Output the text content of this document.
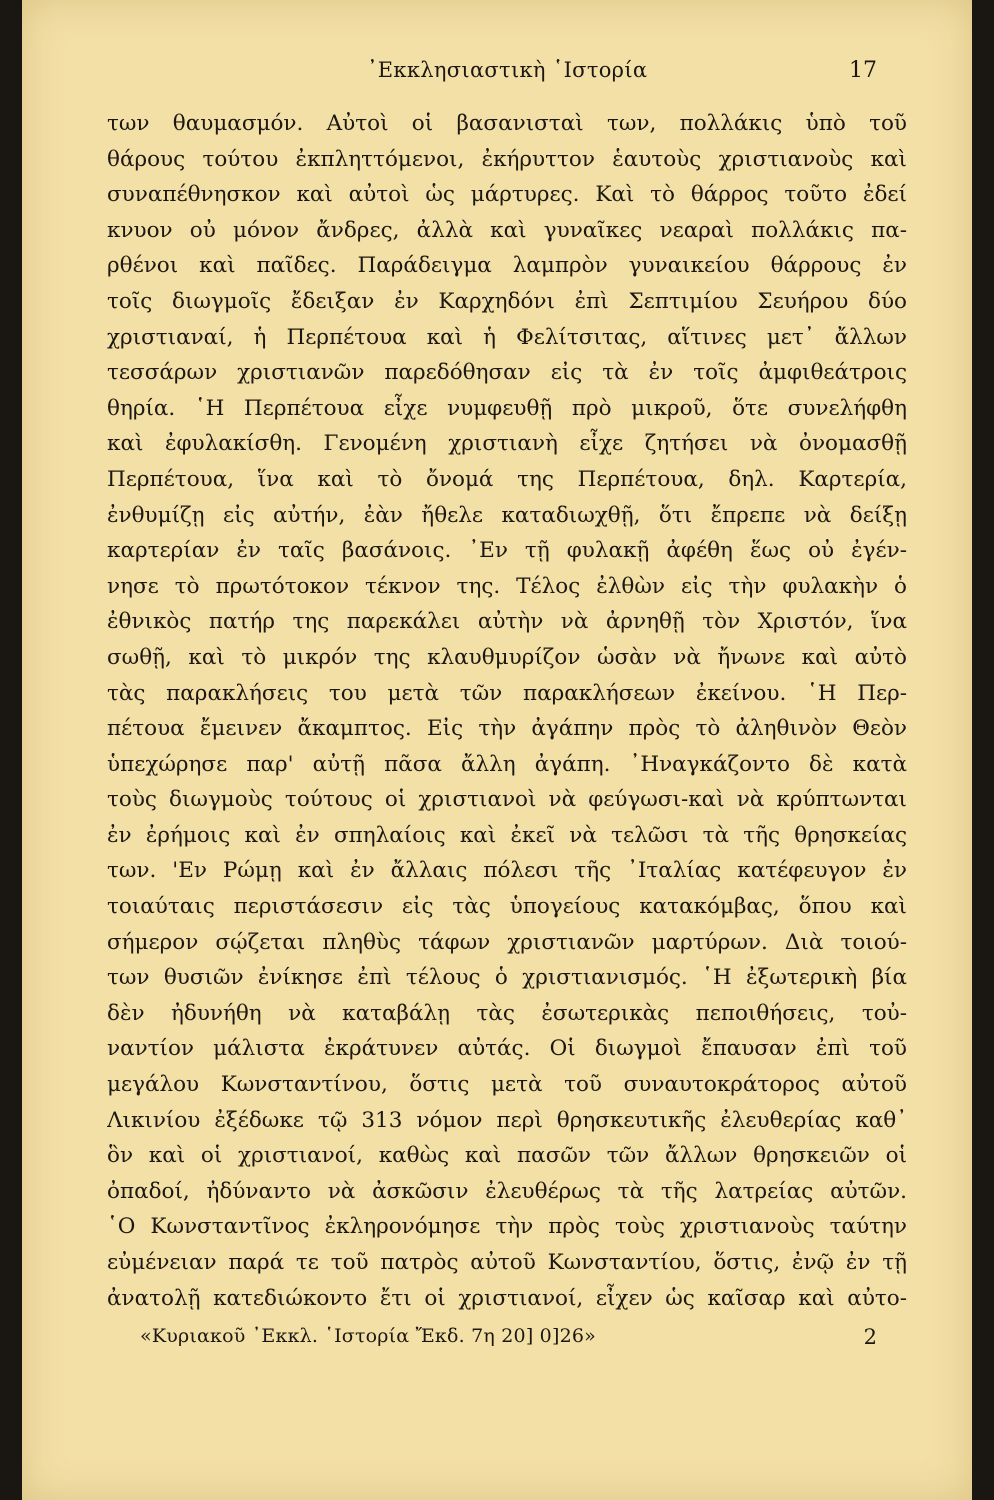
᾿Εκκλησιαστικὴ ῾Ιστορία	17
των θαυμασμόν. Αὐτοὶ οἱ βασανισταὶ των, πολλάκις ὑπὸ τοῦ
θάρους τούτου ἐκπληττόμενοι, ἐκήρυττον ἑαυτοὺς χριστιανοὺς καὶ
συναπέθνησκον καὶ αὐτοὶ ὡς μάρτυρες. Καὶ τὸ θάρρος τοῦτο ἐδεί
κνυον οὐ μόνον ἄνδρες, ἀλλὰ καὶ γυναῖκες νεαραὶ πολλάκις πα-
ρθένοι καὶ παῖδες. Παράδειγμα λαμπρὸν γυναικείου θάρρους ἐν
τοῖς διωγμοῖς ἔδειξαν ἐν Καρχηδόνι ἐπὶ Σεπτιμίου Σευήρου δύο
χριστιαναί, ἡ Περπέτουα καὶ ἡ Φελίτσιτας, αἵτινες μετ᾿ ἄλλων
τεσσάρων χριστιανῶν παρεδόθησαν εἰς τὰ ἐν τοῖς ἀμφιθεάτροις
θηρία. ῾Η Περπέτουα εἶχε νυμφευθῇ πρὸ μικροῦ, ὅτε συνελήφθη
καὶ ἐφυλακίσθη. Γενομένη χριστιανὴ εἶχε ζητήσει νὰ ὀνομασθῇ
Περπέτουα, ἵνα καὶ τὸ ὄνομά της Περπέτουα, δηλ. Καρτερία,
ἐνθυμίζῃ εἰς αὐτήν, ἐὰν ἤθελε καταδιωχθῇ, ὅτι ἔπρεπε νὰ δείξῃ
καρτερίαν ἐν ταῖς βασάνοις. ᾿Εν τῇ φυλακῇ ἀφέθη ἕως οὐ ἐγέν-
νησε τὸ πρωτότοκον τέκνον της. Τέλος ἐλθὼν εἰς τὴν φυλακὴν ὁ
ἐθνικὸς πατήρ της παρεκάλει αὐτὴν νὰ ἀρνηθῇ τὸν Χριστόν, ἵνα
σωθῇ, καὶ τὸ μικρόν της κλαυθμυρίζον ὡσὰν νὰ ἤνωνε καὶ αὐτὸ
τὰς παρακλήσεις του μετὰ τῶν παρακλήσεων ἐκείνου. ῾Η Περ-
πέτουα ἔμεινεν ἄκαμπτος. Εἰς τὴν ἀγάπην πρὸς τὸ ἀληθινὸν Θεὸν
ὑπεχώρησε παρ' αὐτῇ πᾶσα ἄλλη ἀγάπη. ᾿Ηναγκάζοντο δὲ κατὰ
τοὺς διωγμοὺς τούτους οἱ χριστιανοὶ νὰ φεύγωσι-καὶ νὰ κρύπτωνται
ἐν ἐρήμοις καὶ ἐν σπηλαίοις καὶ ἐκεῖ νὰ τελῶσι τὰ τῆς θρησκείας
των. 'Εν Ρώμῃ καὶ ἐν ἄλλαις πόλεσι τῆς ᾿Ιταλίας κατέφευγον ἐν
τοιαύταις περιστάσεσιν εἰς τὰς ὑπογείους κατακόμβας, ὅπου καὶ
σήμερον σῴζεται πληθὺς τάφων χριστιανῶν μαρτύρων. Διὰ τοιού-
των θυσιῶν ἐνίκησε ἐπὶ τέλους ὁ χριστιανισμός. ῾Η ἐξωτερικὴ βία
δὲν ἠδυνήθη νὰ καταβάλῃ τὰς ἐσωτερικὰς πεποιθήσεις, τοὐ-
ναντίον μάλιστα ἐκράτυνεν αὐτάς. Οἱ διωγμοὶ ἔπαυσαν ἐπὶ τοῦ
μεγάλου Κωνσταντίνου, ὅστις μετὰ τοῦ συναυτοκράτορος αὐτοῦ
Λικινίου ἐξέδωκε τῷ 313 νόμον περὶ θρησκευτικῆς ἐλευθερίας καθ᾿
ὃν καὶ οἱ χριστιανοί, καθὼς καὶ πασῶν τῶν ἄλλων θρησκειῶν οἱ
ὀπαδοί, ἠδύναντο νὰ ἀσκῶσιν ἐλευθέρως τὰ τῆς λατρείας αὐτῶν.
῾Ο Κωνσταντῖνος ἐκληρονόμησε τὴν πρὸς τοὺς χριστιανοὺς ταύτην
εὐμένειαν παρά τε τοῦ πατρὸς αὐτοῦ Κωνσταντίου, ὅστις, ἐνῷ ἐν τῇ
ἀνατολῇ κατεδιώκοντο ἔτι οἱ χριστιανοί, εἶχεν ὡς καῖσαρ καὶ αὐτο-
«Κυριακοῦ ᾿Εκκλ. ῾Ιστορία Ἔκδ. 7η 20] 0]26»	2
